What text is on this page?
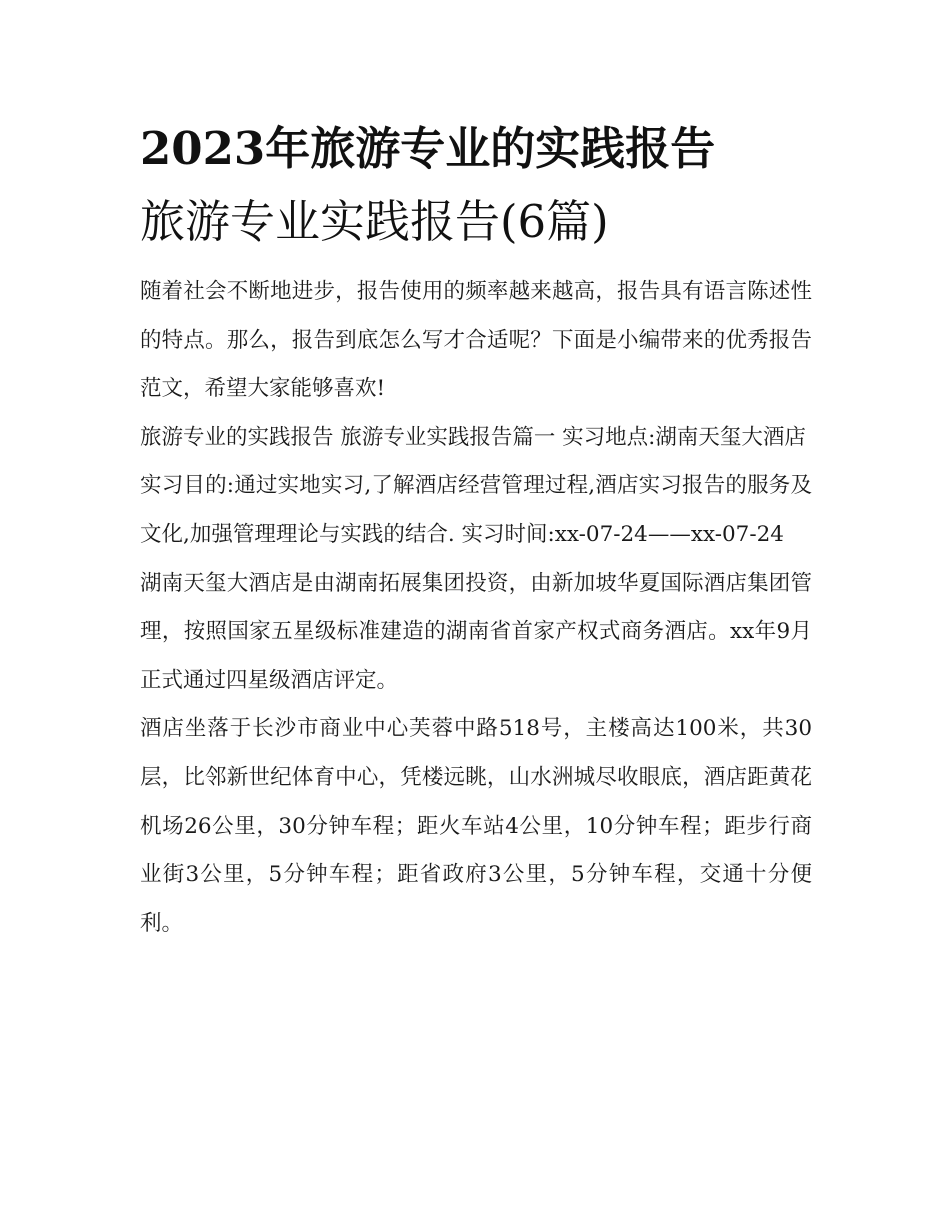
2023年旅游专业的实践报告
旅游专业实践报告(6篇)

随着社会不断地进步，报告使用的频率越来越高，报告具有语言陈述性的特点。那么，报告到底怎么写才合适呢？下面是小编带来的优秀报告范文，希望大家能够喜欢!

旅游专业的实践报告 旅游专业实践报告篇一 实习地点:湖南天玺大酒店

实习目的:通过实地实习,了解酒店经营管理过程,酒店实习报告的服务及文化,加强管理理论与实践的结合. 实习时间:xx-07-24——xx-07-24

湖南天玺大酒店是由湖南拓展集团投资，由新加坡华夏国际酒店集团管理，按照国家五星级标准建造的湖南省首家产权式商务酒店。xx年9月正式通过四星级酒店评定。

酒店坐落于长沙市商业中心芙蓉中路518号，主楼高达100米，共30层，比邻新世纪体育中心，凭楼远眺，山水洲城尽收眼底，酒店距黄花机场26公里，30分钟车程；距火车站4公里，10分钟车程；距步行商业街3公里，5分钟车程；距省政府3公里，5分钟车程，交通十分便利。
